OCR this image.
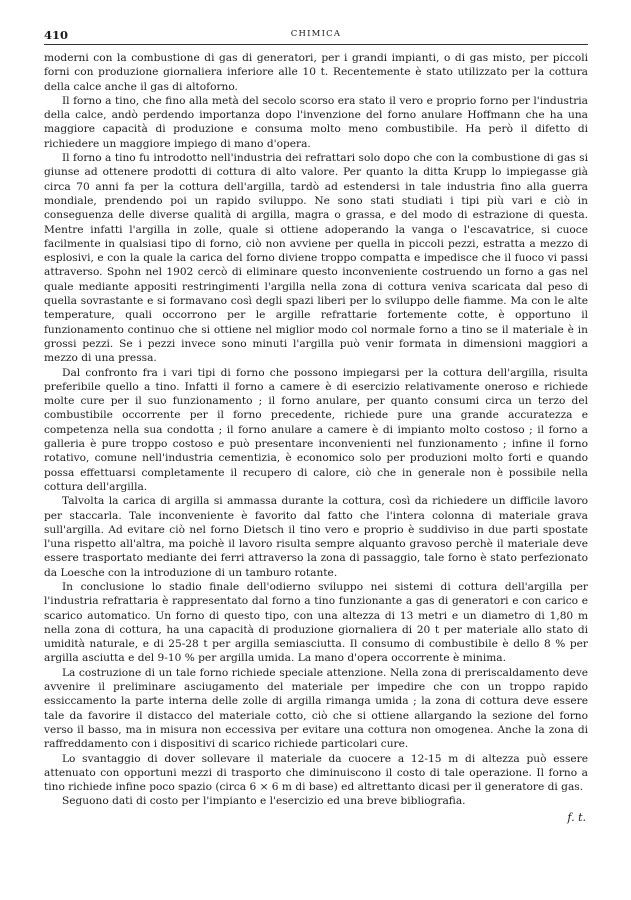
410	CHIMICA

moderni con la combustione di gas di generatori, per i grandi impianti, o di gas misto, per piccoli forni con produzione giornaliera inferiore alle 10 t. Recentemente è stato utilizzato per la cottura della calce anche il gas di altoforno.

Il forno a tino, che fino alla metà del secolo scorso era stato il vero e proprio forno per l'industria della calce, andò perdendo importanza dopo l'invenzione del forno anulare Hoffmann che ha una maggiore capacità di produzione e consuma molto meno combustibile. Ha però il difetto di richiedere un maggiore impiego di mano d'opera.

Il forno a tino fu introdotto nell'industria dei refrattari solo dopo che con la combustione di gas si giunse ad ottenere prodotti di cottura di alto valore. Per quanto la ditta Krupp lo impiegasse già circa 70 anni fa per la cottura dell'argilla, tardò ad estendersi in tale industria fino alla guerra mondiale, prendendo poi un rapido sviluppo. Ne sono stati studiati i tipi più vari e ciò in conseguenza delle diverse qualità di argilla, magra o grassa, e del modo di estrazione di questa. Mentre infatti l'argilla in zolle, quale si ottiene adoperando la vanga o l'escavatrice, si cuoce facilmente in qualsiasi tipo di forno, ciò non avviene per quella in piccoli pezzi, estratta a mezzo di esplosivi, e con la quale la carica del forno diviene troppo compatta e impedisce che il fuoco vi passi attraverso. Spohn nel 1902 cercò di eliminare questo inconveniente costruendo un forno a gas nel quale mediante appositi restringimenti l'argilla nella zona di cottura veniva scaricata dal peso di quella sovrastante e si formavano così degli spazi liberi per lo sviluppo delle fiamme. Ma con le alte temperature, quali occorrono per le argille refrattarie fortemente cotte, è opportuno il funzionamento continuo che si ottiene nel miglior modo col normale forno a tino se il materiale è in grossi pezzi. Se i pezzi invece sono minuti l'argilla può venir formata in dimensioni maggiori a mezzo di una pressa.

Dal confronto fra i vari tipi di forno che possono impiegarsi per la cottura dell'argilla, risulta preferibile quello a tino. Infatti il forno a camere è di esercizio relativamente oneroso e richiede molte cure per il suo funzionamento ; il forno anulare, per quanto consumi circa un terzo del combustibile occorrente per il forno precedente, richiede pure una grande accuratezza e competenza nella sua condotta ; il forno anulare a camere è di impianto molto costoso ; il forno a galleria è pure troppo costoso e può presentare inconvenienti nel funzionamento ; infine il forno rotativo, comune nell'industria cementizia, è economico solo per produzioni molto forti e quando possa effettuarsi completamente il recupero di calore, ciò che in generale non è possibile nella cottura dell'argilla.

Talvolta la carica di argilla si ammassa durante la cottura, così da richiedere un difficile lavoro per staccarla. Tale inconveniente è favorito dal fatto che l'intera colonna di materiale grava sull'argilla. Ad evitare ciò nel forno Dietsch il tino vero e proprio è suddiviso in due parti spostate l'una rispetto all'altra, ma poichè il lavoro risulta sempre alquanto gravoso perchè il materiale deve essere trasportato mediante dei ferri attraverso la zona di passaggio, tale forno è stato perfezionato da Loesche con la introduzione di un tamburo rotante.

In conclusione lo stadio finale dell'odierno sviluppo nei sistemi di cottura dell'argilla per l'industria refrattaria è rappresentato dal forno a tino funzionante a gas di generatori e con carico e scarico automatico. Un forno di questo tipo, con una altezza di 13 metri e un diametro di 1,80 m nella zona di cottura, ha una capacità di produzione giornaliera di 20 t per materiale allo stato di umidità naturale, e di 25-28 t per argilla semiasciutta. Il consumo di combustibile è dello 8 % per argilla asciutta e del 9-10 % per argilla umida. La mano d'opera occorrente è minima.

La costruzione di un tale forno richiede speciale attenzione. Nella zona di preriscaldamento deve avvenire il preliminare asciugamento del materiale per impedire che con un troppo rapido essiccamento la parte interna delle zolle di argilla rimanga umida ; la zona di cottura deve essere tale da favorire il distacco del materiale cotto, ciò che si ottiene allargando la sezione del forno verso il basso, ma in misura non eccessiva per evitare una cottura non omogenea. Anche la zona di raffreddamento con i dispositivi di scarico richiede particolari cure.

Lo svantaggio di dover sollevare il materiale da cuocere a 12-15 m di altezza può essere attenuato con opportuni mezzi di trasporto che diminuiscono il costo di tale operazione. Il forno a tino richiede infine poco spazio (circa 6 × 6 m di base) ed altrettanto dicasi per il generatore di gas.

Seguono dati di costo per l'impianto e l'esercizio ed una breve bibliografia.

f. t.
